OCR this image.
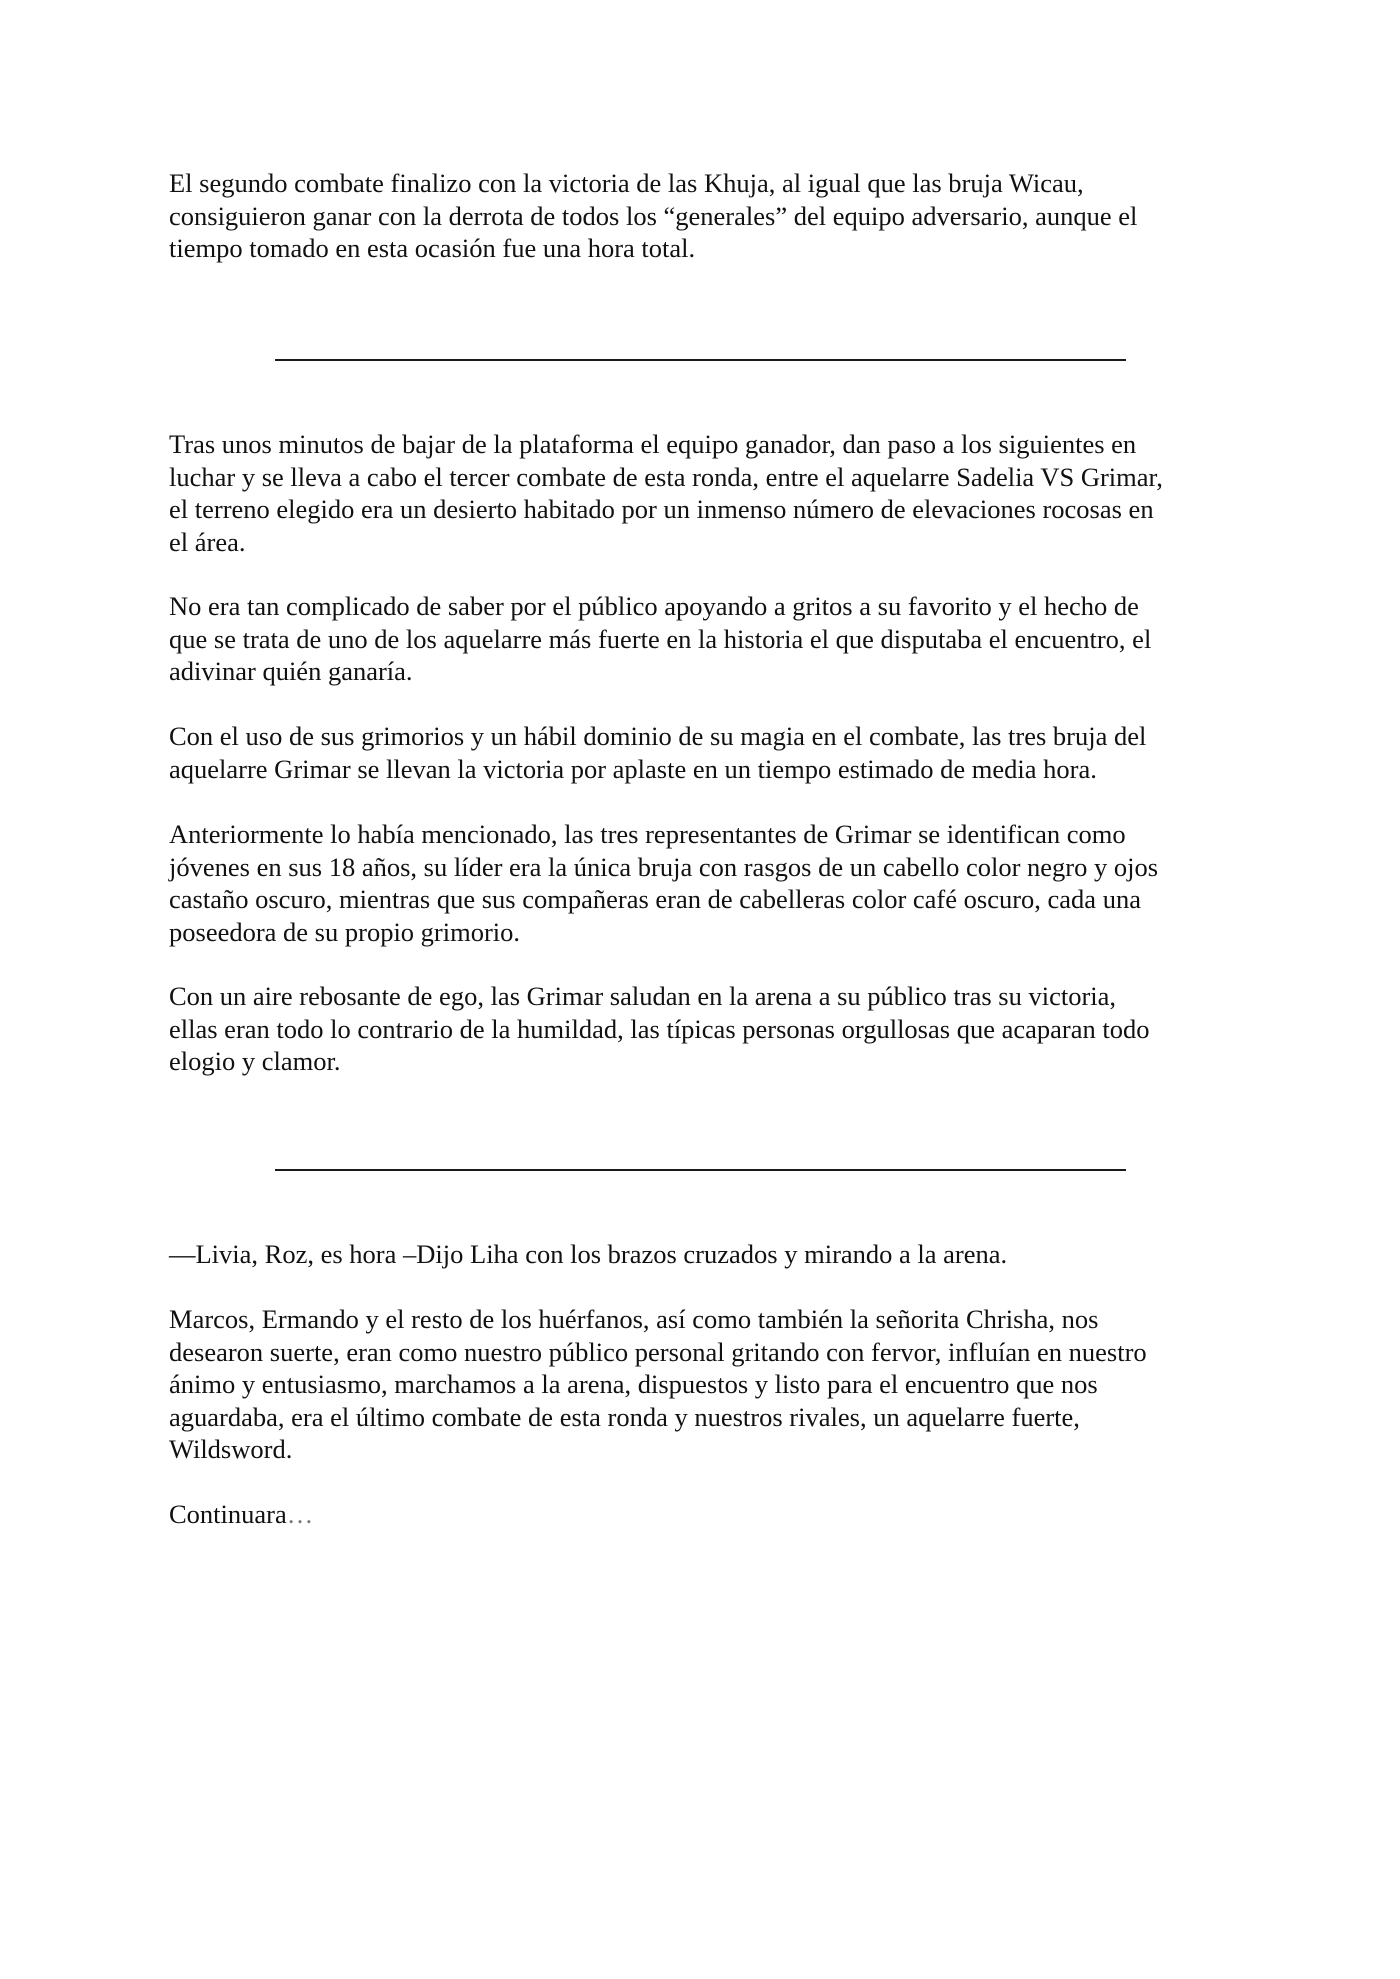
El segundo combate finalizo con la victoria de las Khuja, al igual que las bruja Wicau,
consiguieron ganar con la derrota de todos los “generales” del equipo adversario, aunque el
tiempo tomado en esta ocasión fue una hora total.

Tras unos minutos de bajar de la plataforma el equipo ganador, dan paso a los siguientes en
luchar y se lleva a cabo el tercer combate de esta ronda, entre el aquelarre Sadelia VS Grimar,
el terreno elegido era un desierto habitado por un inmenso número de elevaciones rocosas en
el área.

No era tan complicado de saber por el público apoyando a gritos a su favorito y el hecho de
que se trata de uno de los aquelarre más fuerte en la historia el que disputaba el encuentro, el
adivinar quién ganaría.

Con el uso de sus grimorios y un hábil dominio de su magia en el combate, las tres bruja del
aquelarre Grimar se llevan la victoria por aplaste en un tiempo estimado de media hora.

Anteriormente lo había mencionado, las tres representantes de Grimar se identifican como
jóvenes en sus 18 años, su líder era la única bruja con rasgos de un cabello color negro y ojos
castaño oscuro, mientras que sus compañeras eran de cabelleras color café oscuro, cada una
poseedora de su propio grimorio.

Con un aire rebosante de ego, las Grimar saludan en la arena a su público tras su victoria,
ellas eran todo lo contrario de la humildad, las típicas personas orgullosas que acaparan todo
elogio y clamor.

—Livia, Roz, es hora –Dijo Liha con los brazos cruzados y mirando a la arena.

Marcos, Ermando y el resto de los huérfanos, así como también la señorita Chrisha, nos
desearon suerte, eran como nuestro público personal gritando con fervor, influían en nuestro
ánimo y entusiasmo, marchamos a la arena, dispuestos y listo para el encuentro que nos
aguardaba, era el último combate de esta ronda y nuestros rivales, un aquelarre fuerte,
Wildsword.

Continuara…
